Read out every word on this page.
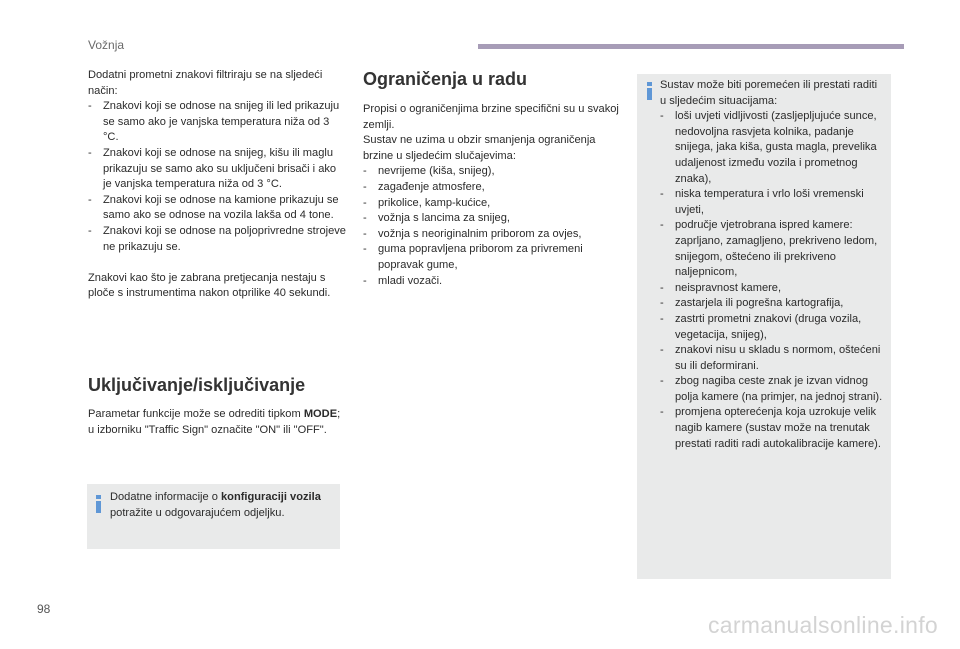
Vožnja

Dodatni prometni znakovi filtriraju se na sljedeći način:

- Znakovi koji se odnose na snijeg ili led prikazuju se samo ako je vanjska temperatura niža od 3 °C.
- Znakovi koji se odnose na snijeg, kišu ili maglu prikazuju se samo ako su uključeni brisači i ako je vanjska temperatura niža od 3 °C.
- Znakovi koji se odnose na kamione prikazuju se samo ako se odnose na vozila lakša od 4 tone.
- Znakovi koji se odnose na poljoprivredne strojeve ne prikazuju se.

Znakovi kao što je zabrana pretjecanja nestaju s ploče s instrumentima nakon otprilike 40 sekundi.

Uključivanje/isključivanje

Parametar funkcije može se odrediti tipkom MODE; u izborniku "Traffic Sign" označite "ON" ili "OFF".

Dodatne informacije o konfiguraciji vozila potražite u odgovarajućem odjeljku.
Ograničenja u radu

Propisi o ograničenjima brzine specifični su u svakoj zemlji.

Sustav ne uzima u obzir smanjenja ograničenja brzine u sljedećim slučajevima:

- nevrijeme (kiša, snijeg),
- zagađenje atmosfere,
- prikolice, kamp-kućice,
- vožnja s lancima za snijeg,
- vožnja s neoriginalnim priborom za ovjes,
- guma popravljena priborom za privremeni popravak gume,
- mladi vozači.

Sustav može biti poremećen ili prestati raditi u sljedećim situacijama:

- loši uvjeti vidljivosti (zasljepljujuće sunce, nedovoljna rasvjeta kolnika, padanje snijega, jaka kiša, gusta magla, prevelika udaljenost između vozila i prometnog znaka),
- niska temperatura i vrlo loši vremenski uvjeti,
- područje vjetrobrana ispred kamere: zaprljano, zamagljeno, prekriveno ledom, snijegom, oštećeno ili prekriveno naljepnicom,
- neispravnost kamere,
- zastarjela ili pogrešna kartografija,
- zastrti prometni znakovi (druga vozila, vegetacija, snijeg),
- znakovi nisu u skladu s normom, oštećeni su ili deformirani.
- zbog nagiba ceste znak je izvan vidnog polja kamere (na primjer, na jednoj strani).
- promjena opterećenja koja uzrokuje velik nagib kamere (sustav može na trenutak prestati raditi radi autokalibracije kamere).
98
carmanualsonline.info
